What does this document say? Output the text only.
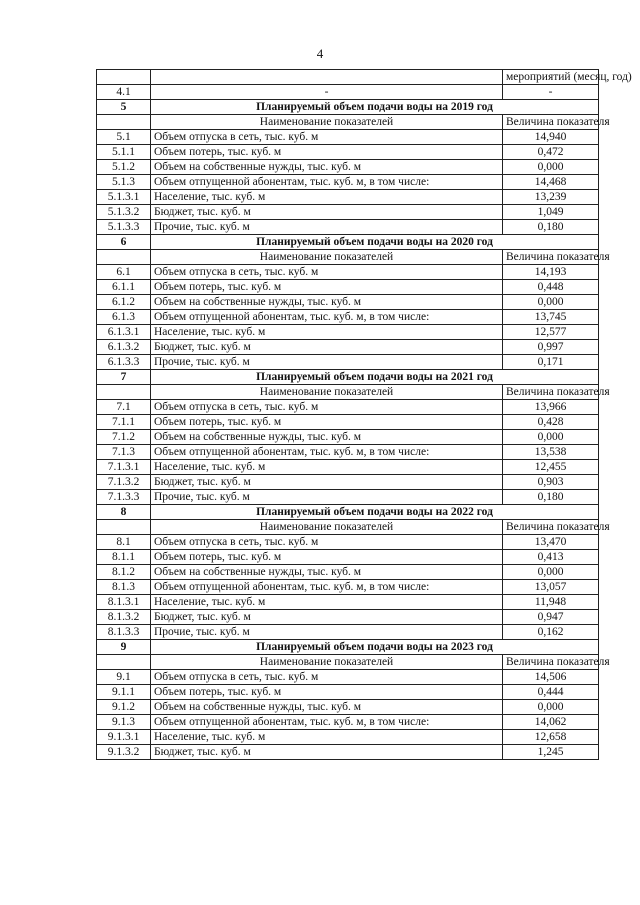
4
		мероприятий (месяц, год)
4.1	-	-
5	Планируемый объем подачи воды на 2019 год	
	Наименование показателей	Величина показателя
5.1	Объем отпуска в сеть, тыс. куб. м	14,940
5.1.1	Объем потерь, тыс. куб. м	0,472
5.1.2	Объем на собственные нужды, тыс. куб. м	0,000
5.1.3	Объем отпущенной абонентам, тыс. куб. м, в том числе:	14,468
5.1.3.1	Население, тыс. куб. м	13,239
5.1.3.2	Бюджет, тыс. куб. м	1,049
5.1.3.3	Прочие, тыс. куб. м	0,180
6	Планируемый объем подачи воды на 2020 год	
	Наименование показателей	Величина показателя
6.1	Объем отпуска в сеть, тыс. куб. м	14,193
6.1.1	Объем потерь, тыс. куб. м	0,448
6.1.2	Объем на собственные нужды, тыс. куб. м	0,000
6.1.3	Объем отпущенной абонентам, тыс. куб. м, в том числе:	13,745
6.1.3.1	Население, тыс. куб. м	12,577
6.1.3.2	Бюджет, тыс. куб. м	0,997
6.1.3.3	Прочие, тыс. куб. м	0,171
7	Планируемый объем подачи воды на 2021 год	
	Наименование показателей	Величина показателя
7.1	Объем отпуска в сеть, тыс. куб. м	13,966
7.1.1	Объем потерь, тыс. куб. м	0,428
7.1.2	Объем на собственные нужды, тыс. куб. м	0,000
7.1.3	Объем отпущенной абонентам, тыс. куб. м, в том числе:	13,538
7.1.3.1	Население, тыс. куб. м	12,455
7.1.3.2	Бюджет, тыс. куб. м	0,903
7.1.3.3	Прочие, тыс. куб. м	0,180
8	Планируемый объем подачи воды на 2022 год	
	Наименование показателей	Величина показателя
8.1	Объем отпуска в сеть, тыс. куб. м	13,470
8.1.1	Объем потерь, тыс. куб. м	0,413
8.1.2	Объем на собственные нужды, тыс. куб. м	0,000
8.1.3	Объем отпущенной абонентам, тыс. куб. м, в том числе:	13,057
8.1.3.1	Население, тыс. куб. м	11,948
8.1.3.2	Бюджет, тыс. куб. м	0,947
8.1.3.3	Прочие, тыс. куб. м	0,162
9	Планируемый объем подачи воды на 2023 год	
	Наименование показателей	Величина показателя
9.1	Объем отпуска в сеть, тыс. куб. м	14,506
9.1.1	Объем потерь, тыс. куб. м	0,444
9.1.2	Объем на собственные нужды, тыс. куб. м	0,000
9.1.3	Объем отпущенной абонентам, тыс. куб. м, в том числе:	14,062
9.1.3.1	Население, тыс. куб. м	12,658
9.1.3.2	Бюджет, тыс. куб. м	1,245
